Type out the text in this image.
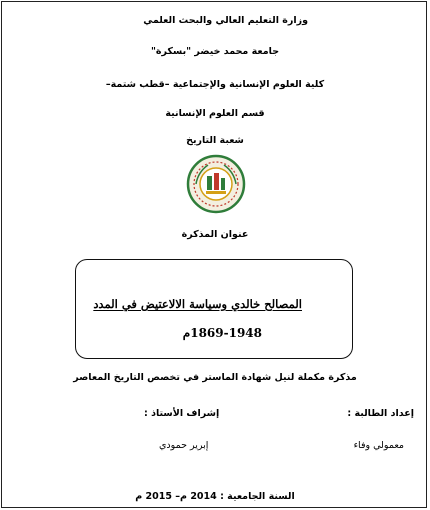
وزارة التعليم العالي والبحث العلمي
جامعة محمد خيضر "بسكرة"
كلية العلوم الإنسانية والإجتماعية –قطب شتمة–
قسم العلوم الإنسانية
شعبة التاريخ
عنوان المذكرة
المصالح خالدي وسياسة الالاعتيض في المدد
1869-1948م
مذكرة مكملة لنيل شهادة الماستر في تخصص التاريخ المعاصر
إعداد الطالبة :
إشراف الأستاذ :
معمولي وفاء
إبرير حمودي
السنة الجامعية : 2014 م– 2015 م
